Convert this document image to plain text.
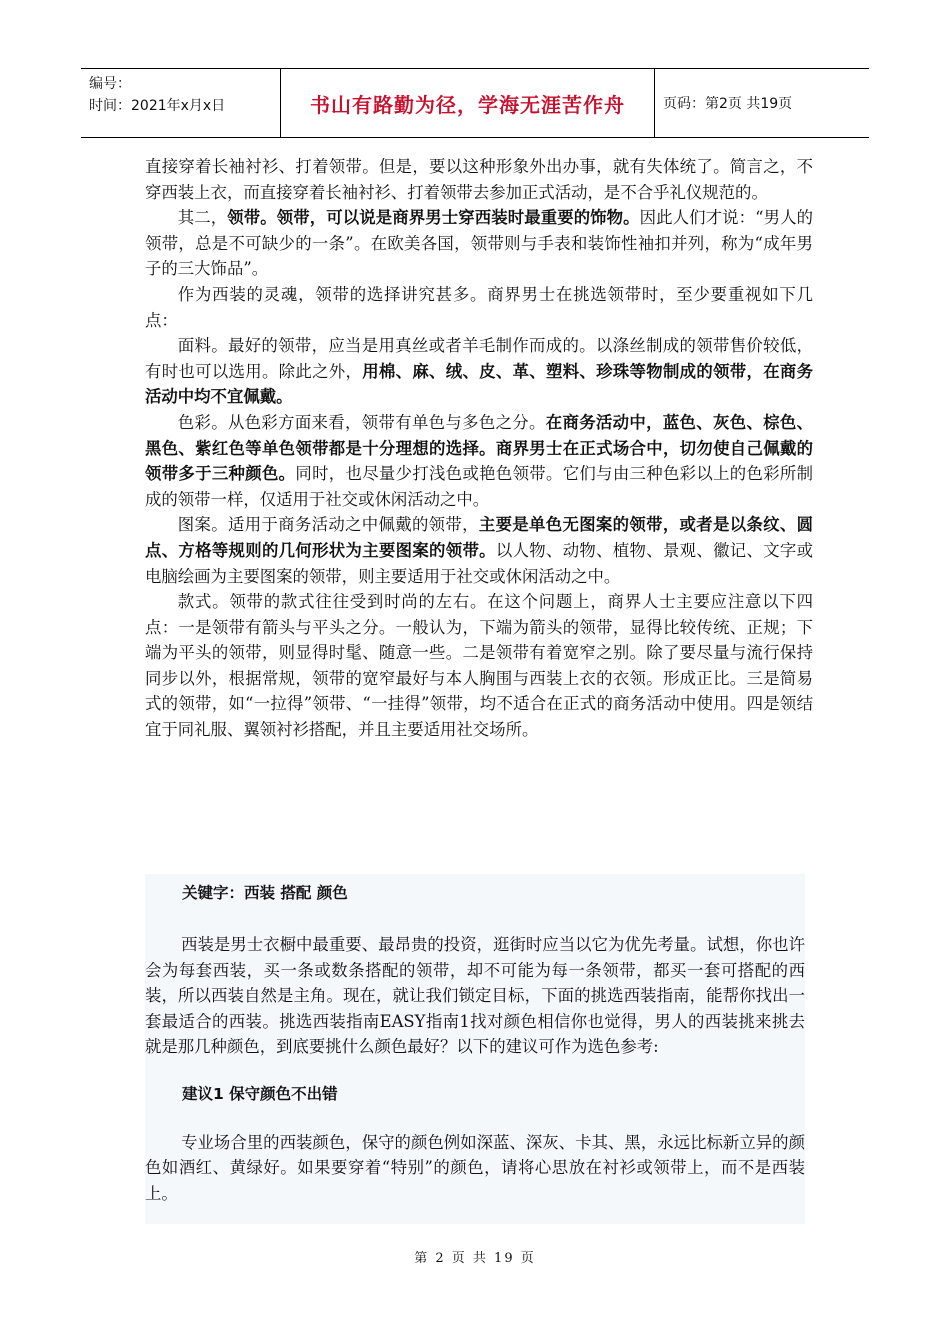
编号：
时间：2021年x月x日	书山有路勤为径，学海无涯苦作舟	页码：第2页 共19页

直接穿着长袖衬衫、打着领带。但是，要以这种形象外出办事，就有失体统了。简言之，不穿西装上衣，而直接穿着长袖衬衫、打着领带去参加正式活动，是不合乎礼仪规范的。

其二，领带。领带，可以说是商界男士穿西装时最重要的饰物。因此人们才说：“男人的领带，总是不可缺少的一条”。在欧美各国，领带则与手表和装饰性袖扣并列，称为“成年男子的三大饰品”。

作为西装的灵魂，领带的选择讲究甚多。商界男士在挑选领带时，至少要重视如下几点：

面料。最好的领带，应当是用真丝或者羊毛制作而成的。以涤丝制成的领带售价较低，有时也可以选用。除此之外，用棉、麻、绒、皮、革、塑料、珍珠等物制成的领带，在商务活动中均不宜佩戴。

色彩。从色彩方面来看，领带有单色与多色之分。在商务活动中，蓝色、灰色、棕色、黑色、紫红色等单色领带都是十分理想的选择。商界男士在正式场合中，切勿使自己佩戴的领带多于三种颜色。同时，也尽量少打浅色或艳色领带。它们与由三种色彩以上的色彩所制成的领带一样，仅适用于社交或休闲活动之中。

图案。适用于商务活动之中佩戴的领带，主要是单色无图案的领带，或者是以条纹、圆点、方格等规则的几何形状为主要图案的领带。以人物、动物、植物、景观、徽记、文字或电脑绘画为主要图案的领带，则主要适用于社交或休闲活动之中。

款式。领带的款式往往受到时尚的左右。在这个问题上，商界人士主要应注意以下四点：一是领带有箭头与平头之分。一般认为，下端为箭头的领带，显得比较传统、正规；下端为平头的领带，则显得时髦、随意一些。二是领带有着宽窄之别。除了要尽量与流行保持同步以外，根据常规，领带的宽窄最好与本人胸围与西装上衣的衣领。形成正比。三是简易式的领带，如“一拉得”领带、“一挂得”领带，均不适合在正式的商务活动中使用。四是领结宜于同礼服、翼领衬衫搭配，并且主要适用社交场所。

关键字：西装 搭配 颜色

西装是男士衣橱中最重要、最昂贵的投资，逛街时应当以它为优先考量。试想，你也许会为每套西装，买一条或数条搭配的领带，却不可能为每一条领带，都买一套可搭配的西装，所以西装自然是主角。现在，就让我们锁定目标，下面的挑选西装指南，能帮你找出一套最适合的西装。挑选西装指南EASY指南1找对颜色相信你也觉得，男人的西装挑来挑去就是那几种颜色，到底要挑什么颜色最好？以下的建议可作为选色参考:

建议1 保守颜色不出错

专业场合里的西装颜色，保守的颜色例如深蓝、深灰、卡其、黑，永远比标新立异的颜色如酒红、黄绿好。如果要穿着“特别”的颜色，请将心思放在衬衫或领带上，而不是西装上。

第 2 页 共 19 页
